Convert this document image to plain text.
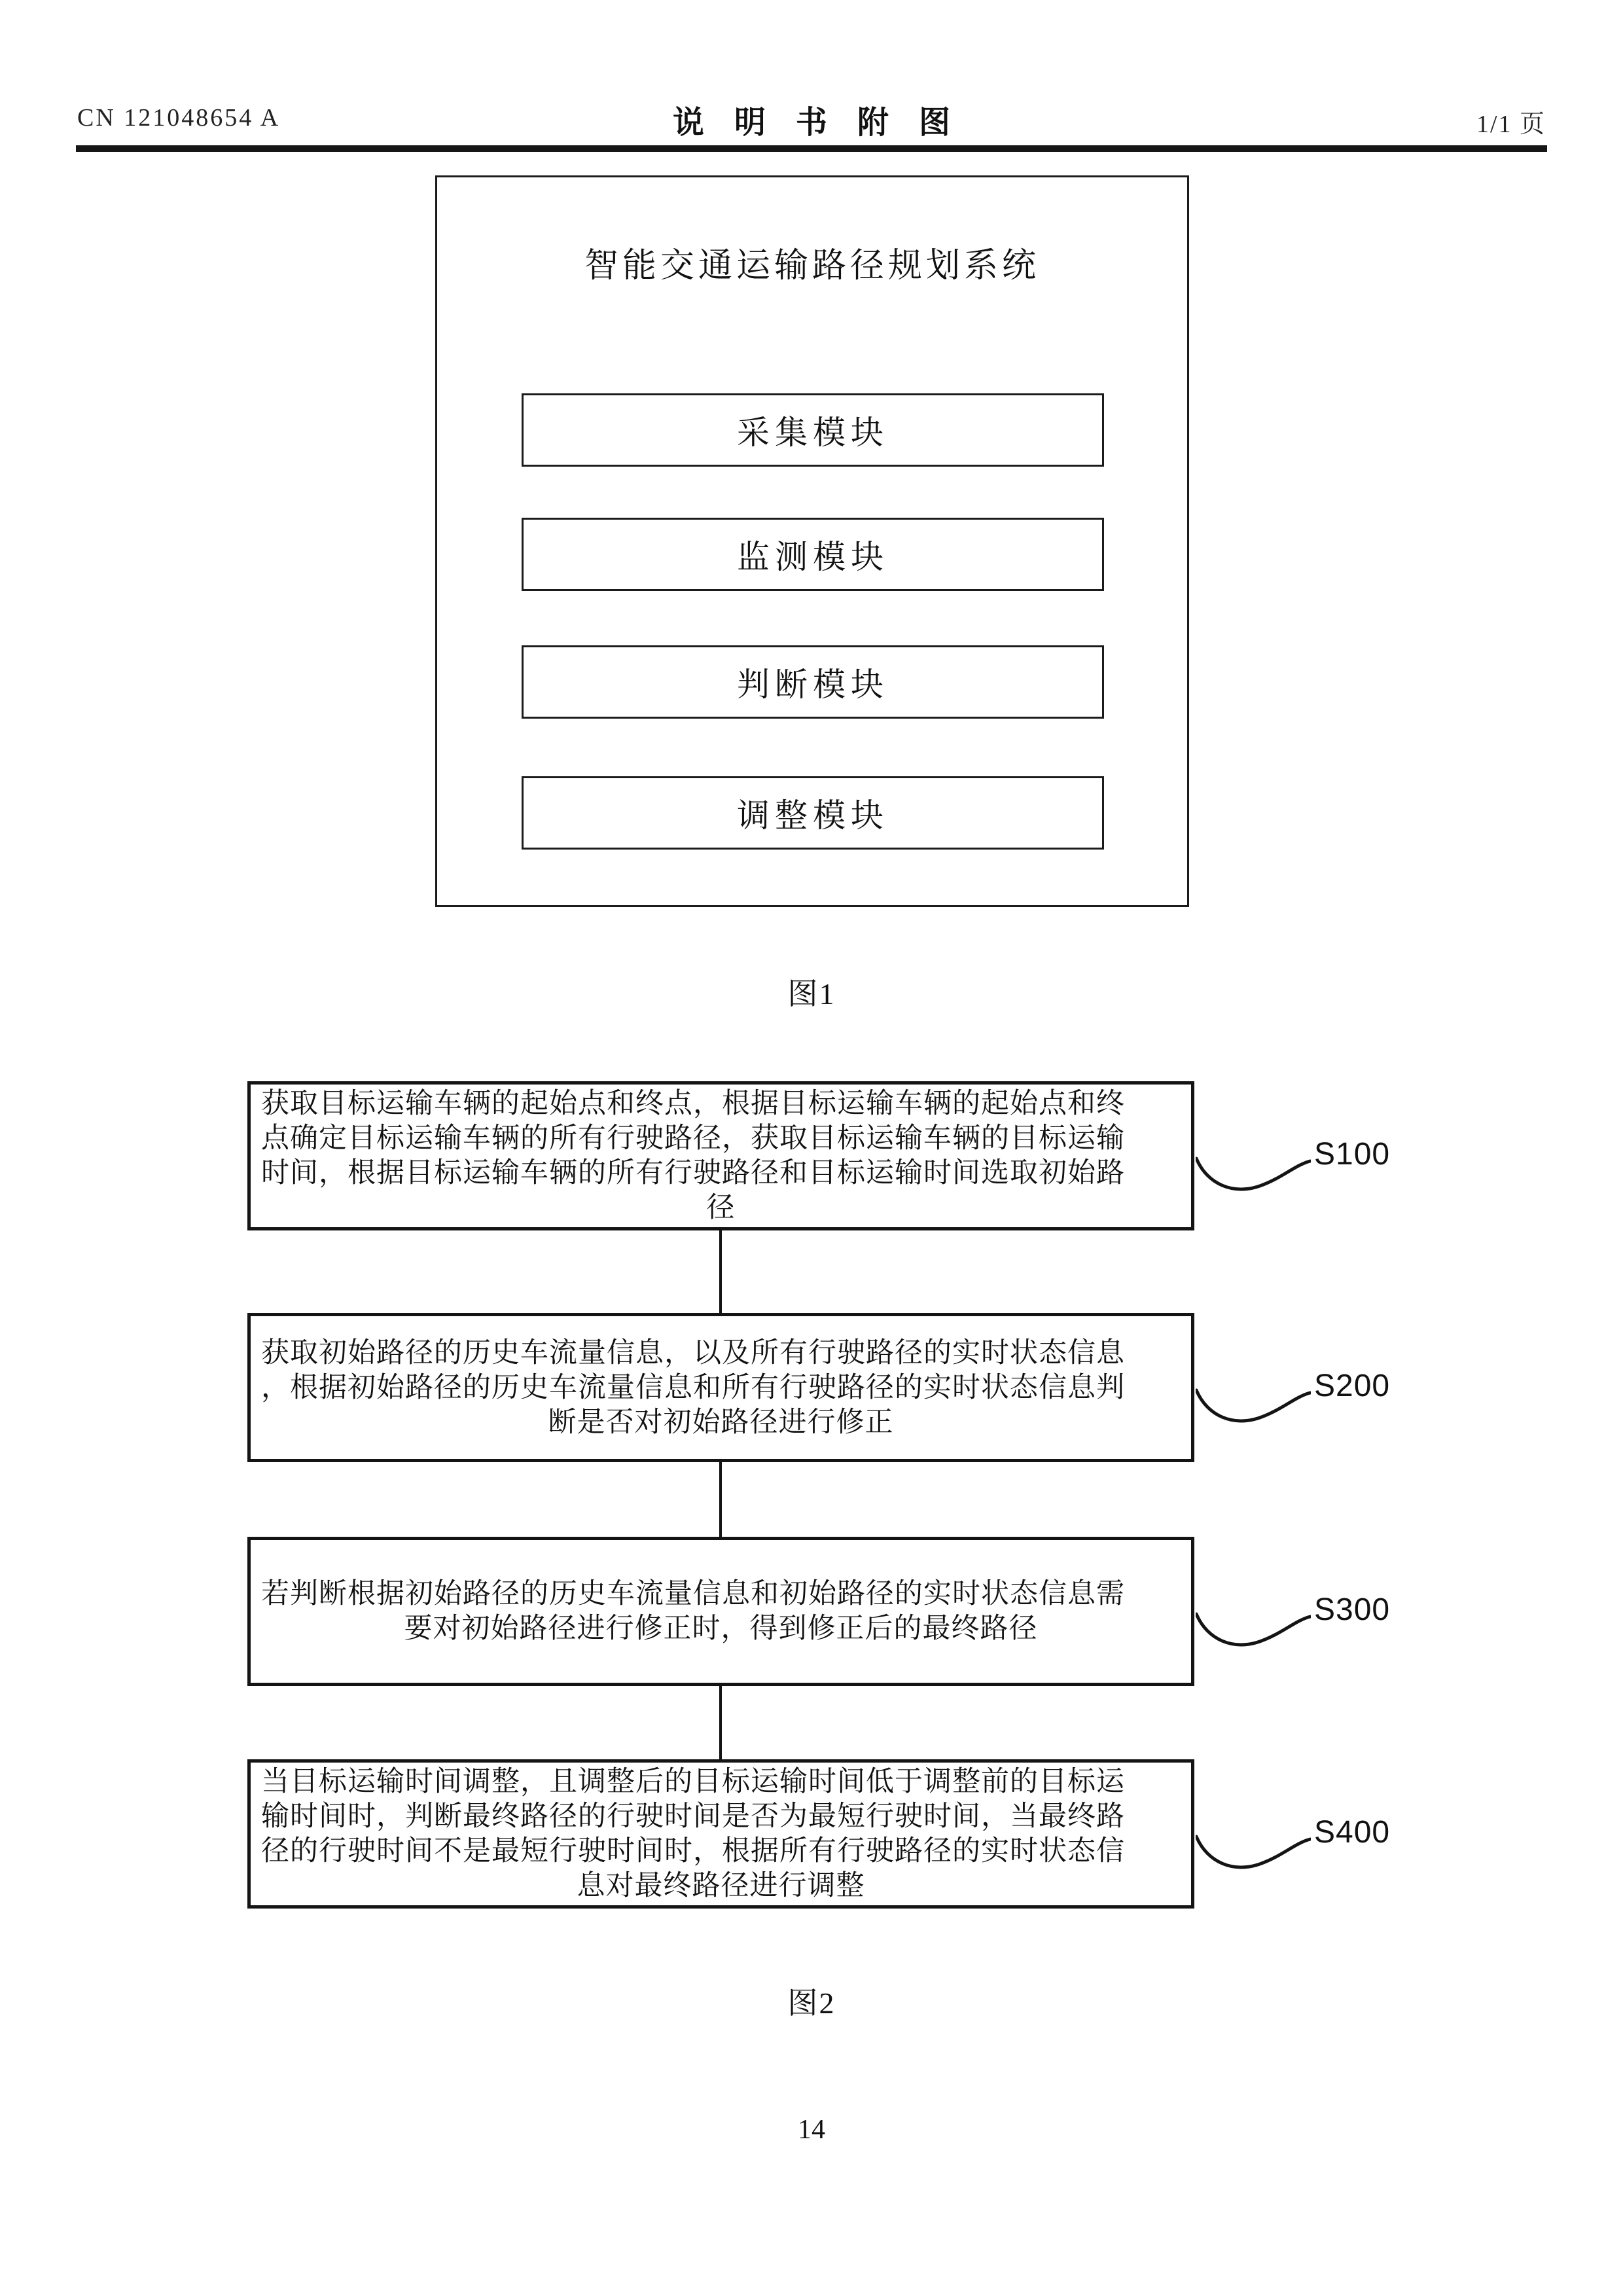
CN 121048654 A	说明书附图	1/1 页
智能交通运输路径规划系统
采集模块
监测模块
判断模块
调整模块
图1
获取目标运输车辆的起始点和终点，根据目标运输车辆的起始点和终
点确定目标运输车辆的所有行驶路径，获取目标运输车辆的目标运输
时间，根据目标运输车辆的所有行驶路径和目标运输时间选取初始路
径
获取初始路径的历史车流量信息，以及所有行驶路径的实时状态信息
，根据初始路径的历史车流量信息和所有行驶路径的实时状态信息判
断是否对初始路径进行修正
若判断根据初始路径的历史车流量信息和初始路径的实时状态信息需
要对初始路径进行修正时，得到修正后的最终路径
当目标运输时间调整，且调整后的目标运输时间低于调整前的目标运
输时间时，判断最终路径的行驶时间是否为最短行驶时间，当最终路
径的行驶时间不是最短行驶时间时，根据所有行驶路径的实时状态信
息对最终路径进行调整
S100
S200
S300
S400
图2
14
